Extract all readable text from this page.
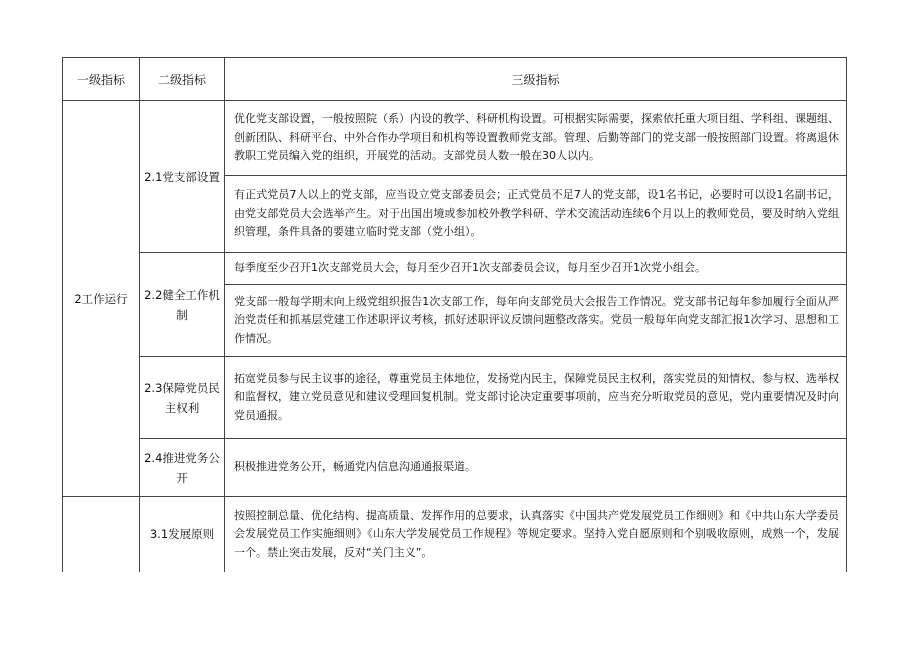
一级指标	二级指标	三级指标
2工作运行	2.1党支部设置	优化党支部设置，一般按照院（系）内设的教学、科研机构设置。可根据实际需要，探索依托重大项目组、学科组、课题组、创新团队、科研平台、中外合作办学项目和机构等设置教师党支部。管理、后勤等部门的党支部一般按照部门设置。将离退休教职工党员编入党的组织，开展党的活动。支部党员人数一般在30人以内。
		有正式党员7人以上的党支部，应当设立党支部委员会；正式党员不足7人的党支部，设1名书记，必要时可以设1名副书记，由党支部党员大会选举产生。对于出国出境或参加校外教学科研、学术交流活动连续6个月以上的教师党员，要及时纳入党组织管理，条件具备的要建立临时党支部（党小组）。
	2.2健全工作机制	每季度至少召开1次支部党员大会，每月至少召开1次支部委员会议，每月至少召开1次党小组会。
		党支部一般每学期末向上级党组织报告1次支部工作，每年向支部党员大会报告工作情况。党支部书记每年参加履行全面从严治党责任和抓基层党建工作述职评议考核，抓好述职评议反馈问题整改落实。党员一般每年向党支部汇报1次学习、思想和工作情况。
	2.3保障党员民主权利	拓宽党员参与民主议事的途径，尊重党员主体地位，发扬党内民主，保障党员民主权利，落实党员的知情权、参与权、选举权和监督权，建立党员意见和建议受理回复机制。党支部讨论决定重要事项前，应当充分听取党员的意见，党内重要情况及时向党员通报。
	2.4推进党务公开	积极推进党务公开，畅通党内信息沟通通报渠道。

	3.1发展原则	按照控制总量、优化结构、提高质量、发挥作用的总要求，认真落实《中国共产党发展党员工作细则》和《中共山东大学委员会发展党员工作实施细则》《山东大学发展党员工作规程》等规定要求。坚持入党自愿原则和个别吸收原则，成熟一个，发展一个。禁止突击发展，反对“关门主义”。
